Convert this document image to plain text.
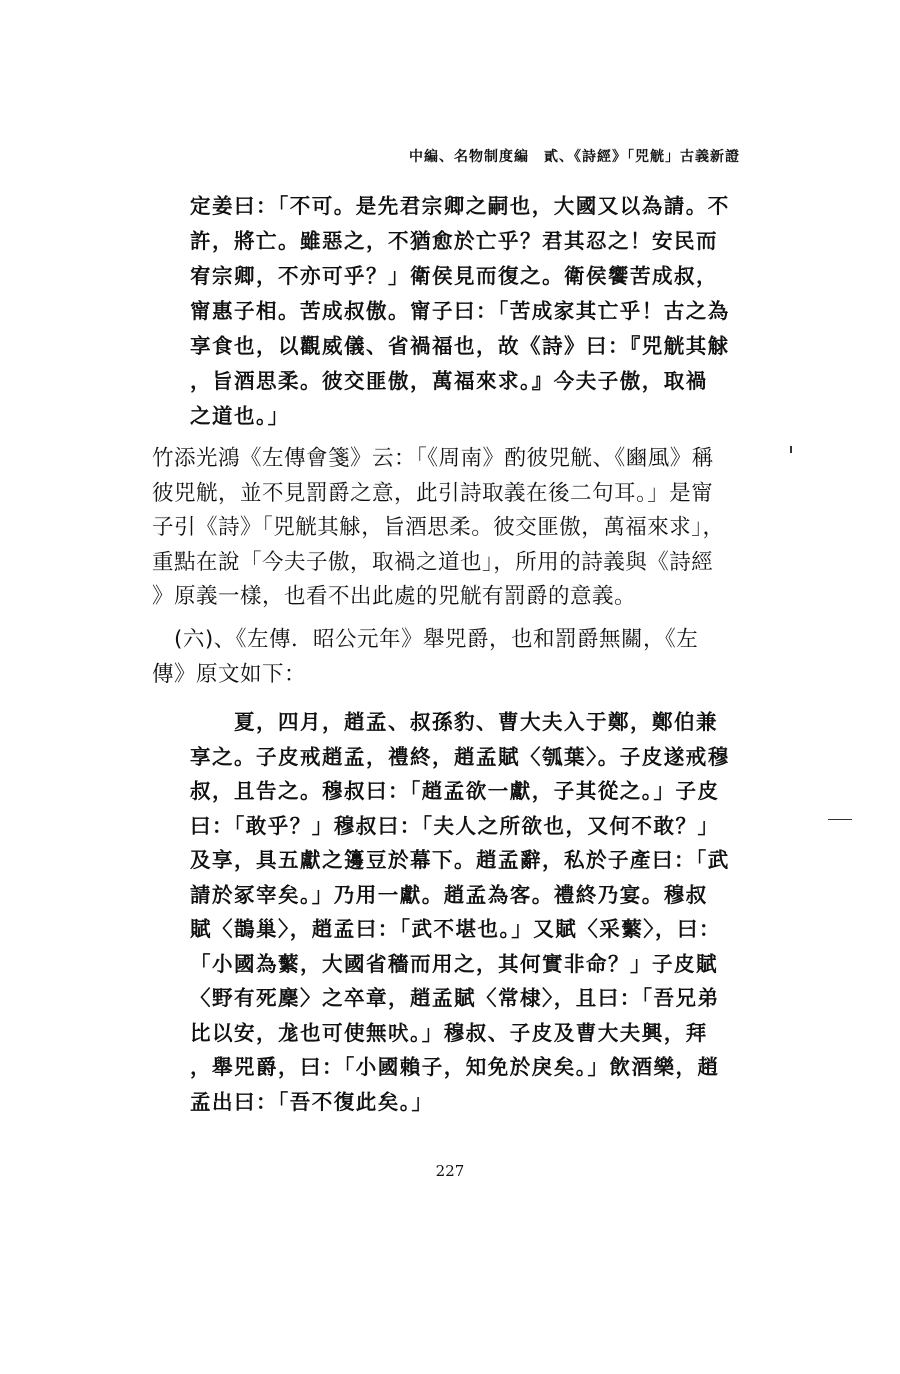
中編、名物制度編　貳、《詩經》「兕觥」古義新證
定姜曰：「不可。是先君宗卿之嗣也，大國又以為請。不
許，將亡。雖惡之，不猶愈於亡乎？君其忍之！安民而
宥宗卿，不亦可乎？」衛侯見而復之。衛侯饗苦成叔，
甯惠子相。苦成叔傲。甯子曰：「苦成家其亡乎！古之為
享食也，以觀威儀、省禍福也，故《詩》曰：『兕觥其觩
，旨酒思柔。彼交匪傲，萬福來求。』今夫子傲，取禍
之道也。」
竹添光鴻《左傳會箋》云：「《周南》酌彼兕觥、《豳風》稱
彼兕觥，並不見罰爵之意，此引詩取義在後二句耳。」是甯
子引《詩》「兕觥其觩，旨酒思柔。彼交匪傲，萬福來求」，
重點在說「今夫子傲，取禍之道也」，所用的詩義與《詩經
》原義一樣，也看不出此處的兕觥有罰爵的意義。
　(六)、《左傳．昭公元年》舉兕爵，也和罰爵無關，《左
傳》原文如下：
　　夏，四月，趙孟、叔孫豹、曹大夫入于鄭，鄭伯兼
享之。子皮戒趙孟，禮終，趙孟賦〈瓠葉〉。子皮遂戒穆
叔，且告之。穆叔曰：「趙孟欲一獻，子其從之。」子皮
曰：「敢乎？」穆叔曰：「夫人之所欲也，又何不敢？」
及享，具五獻之籩豆於幕下。趙孟辭，私於子產曰：「武
請於冢宰矣。」乃用一獻。趙孟為客。禮終乃宴。穆叔
賦〈鵲巢〉，趙孟曰：「武不堪也。」又賦〈采蘩〉，曰：
「小國為蘩，大國省穡而用之，其何實非命？」子皮賦
〈野有死麇〉之卒章，趙孟賦〈常棣〉，且曰：「吾兄弟
比以安，尨也可使無吠。」穆叔、子皮及曹大夫興，拜
，舉兕爵，曰：「小國賴子，知免於戾矣。」飲酒樂，趙
孟出曰：「吾不復此矣。」
227
